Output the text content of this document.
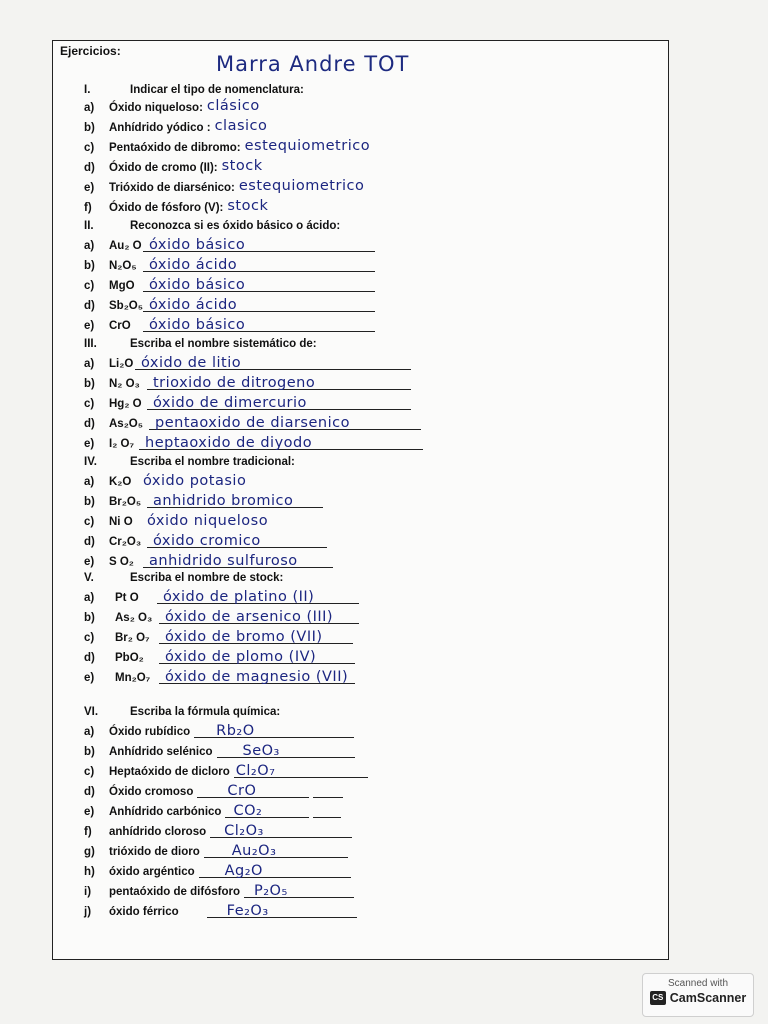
Ejercicios:
Marra Andre TOT
I.	Indicar el tipo de nomenclatura:
a)	Óxido niqueloso: clásico
b)	Anhídrido yódico : clasico
c)	Pentaóxido de dibromo: estequiometrico
d)	Óxido de cromo (II): stock
e)	Trióxido de diarsénico: estequiometrico
f)	Óxido de fósforo (V): stock
II.	Reconozca si es óxido básico o ácido:
a)	Au₂ O óxido básico
b)	N₂O₅ óxido ácido
c)	MgO óxido básico
d)	Sb₂O₅ óxido ácido
e)	CrO	óxido básico
III.	Escriba el nombre sistemático de:
a)	Li₂O óxido de litio
b)	N₂ O₃ trioxido de ditrogeno
c)	Hg₂ O óxido de dimercurio
d)	As₂O₅ pentaoxido de diarsenico
e)	I₂ O₇ heptaoxido de diyodo
IV.	Escriba el nombre tradicional:
a)	K₂O óxido potasio
b)	Br₂O₅ anhidrido bromico
c)	Ni O óxido niqueloso
d)	Cr₂O₃ óxido cromico
e)	S O₂	anhidrido sulfuroso
V.	Escriba el nombre de stock:
a)	Pt O	óxido de platino (II)
b)	As₂ O₃ óxido de arsenico (III)
c)	Br₂ O₇	óxido de bromo (VII)
d)	PbO₂	óxido de plomo (IV)
e)	Mn₂O₇	óxido de magnesio (VII)
VI.	Escriba la fórmula química:
a)	Óxido rubídico Rb₂O
b)	Anhídrido selénico SeO₃
c)	Heptaóxido de dicloro Cl₂O₇
d)	Óxido cromoso CrO
e)	Anhídrido carbónico CO₂
f)	anhídrido cloroso Cl₂O₃
g)	trióxido de dioro Au₂O₃
h)	óxido argéntico Ag₂O
i)	pentaóxido de difósforo P₂O₅
j)	óxido férrico	Fe₂O₃
Scanned with
CS CamScanner
